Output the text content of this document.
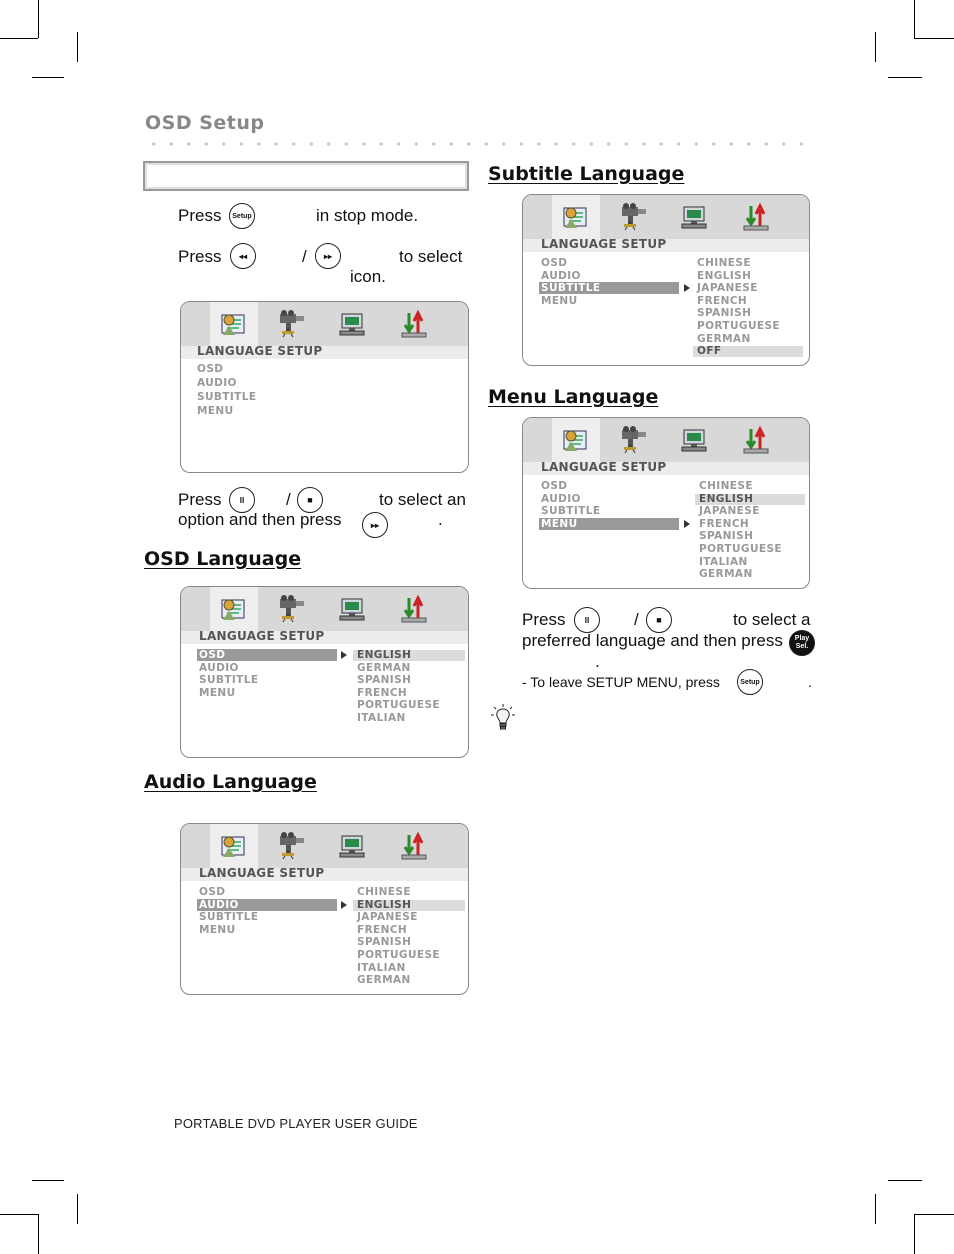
OSD Setup
Press	Setup	in stop mode.
Press	◂◂	/	▸▸	to select
icon.
LANGUAGE SETUP
OSD
AUDIO
SUBTITLE
MENU
Press	II	/	■	to select an
option and then press	▸▸	.
OSD Language
LANGUAGE SETUP
OSD
AUDIO
SUBTITLE
MENU
ENGLISH
GERMAN
SPANISH
FRENCH
PORTUGUESE
ITALIAN
Audio Language
LANGUAGE SETUP
OSD
AUDIO
SUBTITLE
MENU
CHINESE
ENGLISH
JAPANESE
FRENCH
SPANISH
PORTUGUESE
ITALIAN
GERMAN
Subtitle Language
LANGUAGE SETUP
OSD
AUDIO
SUBTITLE
MENU
CHINESE
ENGLISH
JAPANESE
FRENCH
SPANISH
PORTUGUESE
GERMAN
OFF
Menu Language
LANGUAGE SETUP
OSD
AUDIO
SUBTITLE
MENU
CHINESE
ENGLISH
JAPANESE
FRENCH
SPANISH
PORTUGUESE
ITALIAN
GERMAN
Press	II	/	■	to select a
preferred language and then press	Play Sel.
.
- To leave SETUP MENU, press	Setup	.
PORTABLE DVD PLAYER USER GUIDE
